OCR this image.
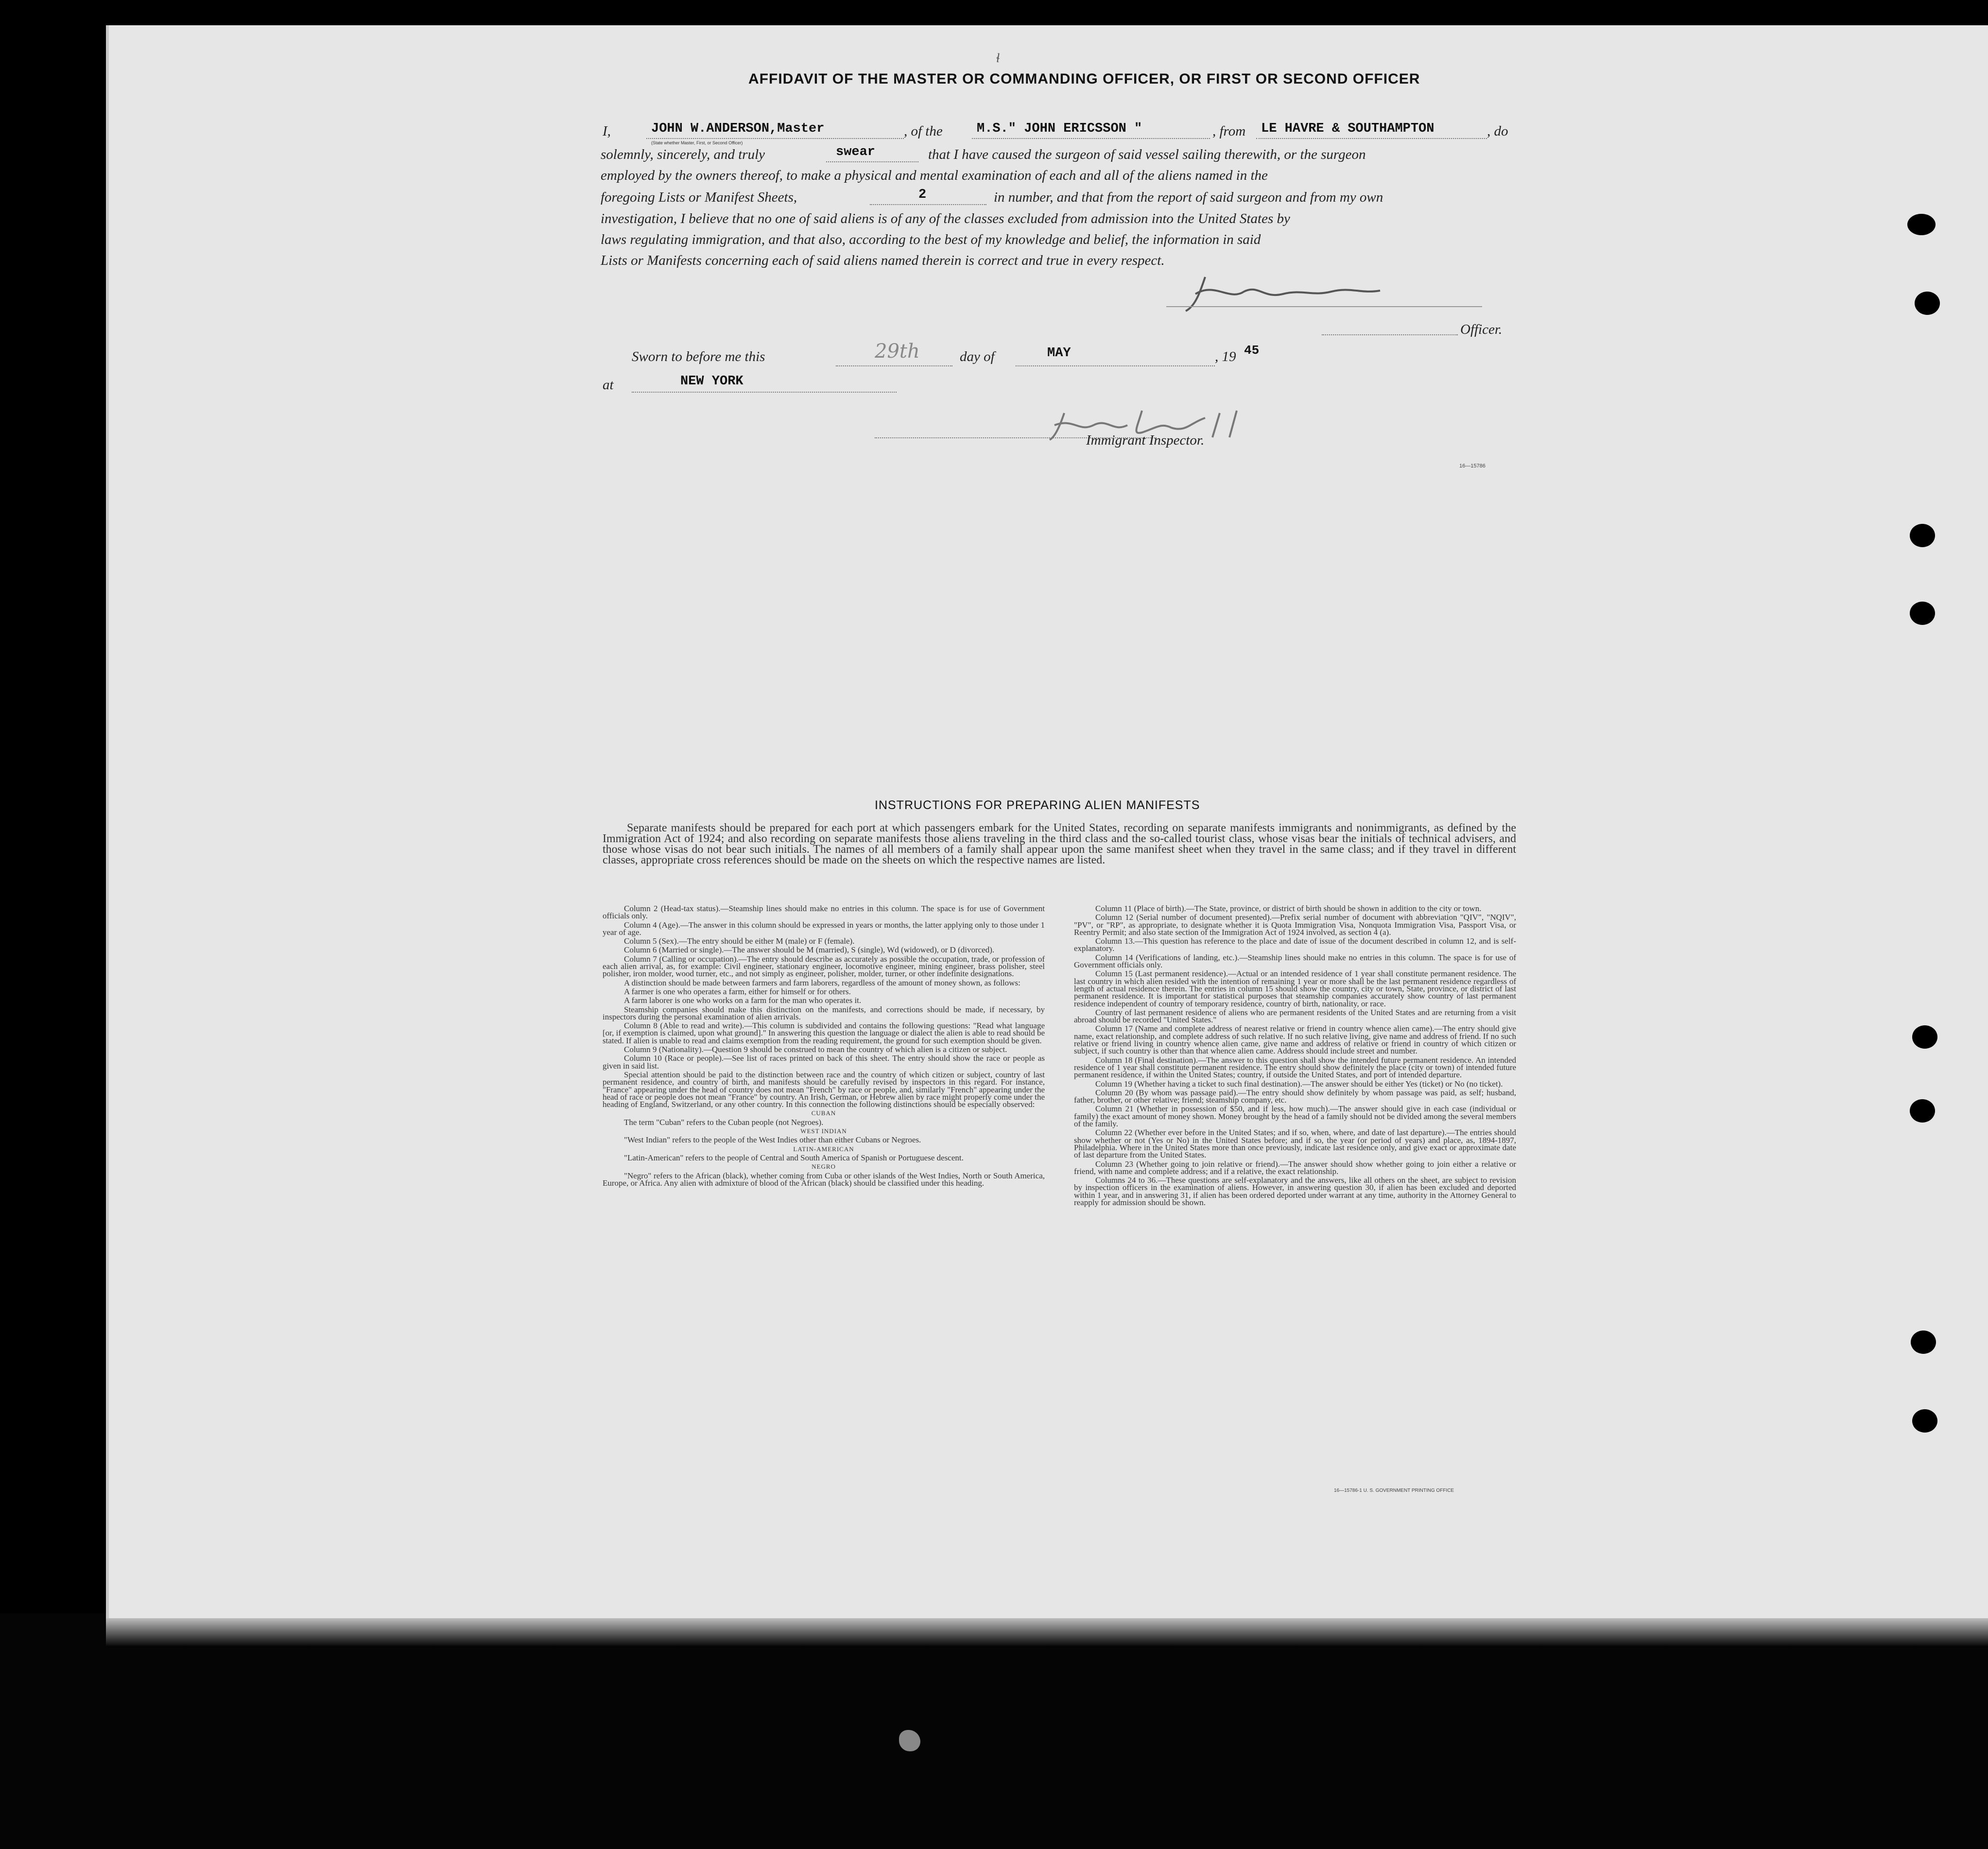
ɬ
AFFIDAVIT OF THE MASTER OR COMMANDING OFFICER, OR FIRST OR SECOND OFFICER
I,	JOHN W.ANDERSON,Master
(State whether Master, First, or Second Officer)
, of the	M.S." JOHN ERICSSON "	, from LE HAVRE & SOUTHAMPTON	, do
solemnly, sincerely, and truly	swear	that I have caused the surgeon of said vessel sailing therewith, or the surgeon
employed by the owners thereof, to make a physical and mental examination of each and all of the aliens named in the
foregoing Lists or Manifest Sheets,	2	in number, and that from the report of said surgeon and from my own
investigation, I believe that no one of said aliens is of any of the classes excluded from admission into the United States by
laws regulating immigration, and that also, according to the best of my knowledge and belief, the information in said
Lists or Manifests concerning each of said aliens named therein is correct and true in every respect.
Officer.
Sworn to before me this	29th	day of	MAY	, 19 45
at	NEW YORK
Immigrant Inspector.
16—15786
INSTRUCTIONS FOR PREPARING ALIEN MANIFESTS
Separate manifests should be prepared for each port at which passengers embark for the United States, recording on separate manifests immigrants and nonimmigrants, as defined by the Immigration Act of 1924; and also recording on separate manifests those aliens traveling in the third class and the so-called tourist class, whose visas bear the initials of technical advisers, and those whose visas do not bear such initials. The names of all members of a family shall appear upon the same manifest sheet when they travel in the same class; and if they travel in different classes, appropriate cross references should be made on the sheets on which the respective names are listed.

Column 2 (Head-tax status).—Steamship lines should make no entries in this column. The space is for use of Government officials only.

Column 4 (Age).—The answer in this column should be expressed in years or months, the latter applying only to those under 1 year of age.

Column 5 (Sex).—The entry should be either M (male) or F (female).

Column 6 (Married or single).—The answer should be M (married), S (single), Wd (widowed), or D (divorced).

Column 7 (Calling or occupation).—The entry should describe as accurately as possible the occupation, trade, or profession of each alien arrival, as, for example: Civil engineer, stationary engineer, locomotive engineer, mining engineer, brass polisher, steel polisher, iron molder, wood turner, etc., and not simply as engineer, polisher, molder, turner, or other indefinite designations.

A distinction should be made between farmers and farm laborers, regardless of the amount of money shown, as follows:

A farmer is one who operates a farm, either for himself or for others.

A farm laborer is one who works on a farm for the man who operates it.

Steamship companies should make this distinction on the manifests, and corrections should be made, if necessary, by inspectors during the personal examination of alien arrivals.

Column 8 (Able to read and write).—This column is subdivided and contains the following questions: "Read what language [or, if exemption is claimed, upon what ground]." In answering this question the language or dialect the alien is able to read should be stated. If alien is unable to read and claims exemption from the reading requirement, the ground for such exemption should be given.

Column 9 (Nationality).—Question 9 should be construed to mean the country of which alien is a citizen or subject.

Column 10 (Race or people).—See list of races printed on back of this sheet. The entry should show the race or people as given in said list.

Special attention should be paid to the distinction between race and the country of which citizen or subject, country of last permanent residence, and country of birth, and manifests should be carefully revised by inspectors in this regard. For instance, "France" appearing under the head of country does not mean "French" by race or people, and, similarly "French" appearing under the head of race or people does not mean "France" by country. An Irish, German, or Hebrew alien by race might properly come under the heading of England, Switzerland, or any other country. In this connection the following distinctions should be especially observed:

CUBAN

The term "Cuban" refers to the Cuban people (not Negroes).

WEST INDIAN

"West Indian" refers to the people of the West Indies other than either Cubans or Negroes.

LATIN-AMERICAN

"Latin-American" refers to the people of Central and South America of Spanish or Portuguese descent.

NEGRO

"Negro" refers to the African (black), whether coming from Cuba or other islands of the West Indies, North or South America, Europe, or Africa. Any alien with admixture of blood of the African (black) should be classified under this heading.

Column 11 (Place of birth).—The State, province, or district of birth should be shown in addition to the city or town.

Column 12 (Serial number of document presented).—Prefix serial number of document with abbreviation "QIV", "NQIV", "PV", or "RP", as appropriate, to designate whether it is Quota Immigration Visa, Nonquota Immigration Visa, Passport Visa, or Reentry Permit; and also state section of the Immigration Act of 1924 involved, as section 4 (a).

Column 13.—This question has reference to the place and date of issue of the document described in column 12, and is self-explanatory.

Column 14 (Verifications of landing, etc.).—Steamship lines should make no entries in this column. The space is for use of Government officials only.

Column 15 (Last permanent residence).—Actual or an intended residence of 1 year shall constitute permanent residence. The last country in which alien resided with the intention of remaining 1 year or more shall be the last permanent residence regardless of length of actual residence therein. The entries in column 15 should show the country, city or town, State, province, or district of last permanent residence. It is important for statistical purposes that steamship companies accurately show country of last permanent residence independent of country of temporary residence, country of birth, nationality, or race.

Country of last permanent residence of aliens who are permanent residents of the United States and are returning from a visit abroad should be recorded "United States."

Column 17 (Name and complete address of nearest relative or friend in country whence alien came).—The entry should give name, exact relationship, and complete address of such relative. If no such relative living, give name and address of friend. If no such relative or friend living in country whence alien came, give name and address of relative or friend in country of which citizen or subject, if such country is other than that whence alien came. Address should include street and number.

Column 18 (Final destination).—The answer to this question shall show the intended future permanent residence. An intended residence of 1 year shall constitute permanent residence. The entry should show definitely the place (city or town) of intended future permanent residence, if within the United States; country, if outside the United States, and port of intended departure.

Column 19 (Whether having a ticket to such final destination).—The answer should be either Yes (ticket) or No (no ticket).

Column 20 (By whom was passage paid).—The entry should show definitely by whom passage was paid, as self; husband, father, brother, or other relative; friend; steamship company, etc.

Column 21 (Whether in possession of $50, and if less, how much).—The answer should give in each case (individual or family) the exact amount of money shown. Money brought by the head of a family should not be divided among the several members of the family.

Column 22 (Whether ever before in the United States; and if so, when, where, and date of last departure).—The entries should show whether or not (Yes or No) in the United States before; and if so, the year (or period of years) and place, as, 1894-1897, Philadelphia. Where in the United States more than once previously, indicate last residence only, and give exact or approximate date of last departure from the United States.

Column 23 (Whether going to join relative or friend).—The answer should show whether going to join either a relative or friend, with name and complete address; and if a relative, the exact relationship.

Columns 24 to 36.—These questions are self-explanatory and the answers, like all others on the sheet, are subject to revision by inspection officers in the examination of aliens. However, in answering question 30, if alien has been excluded and deported within 1 year, and in answering 31, if alien has been ordered deported under warrant at any time, authority in the Attorney General to reapply for admission should be shown.

16—15786-1 U. S. GOVERNMENT PRINTING OFFICE
